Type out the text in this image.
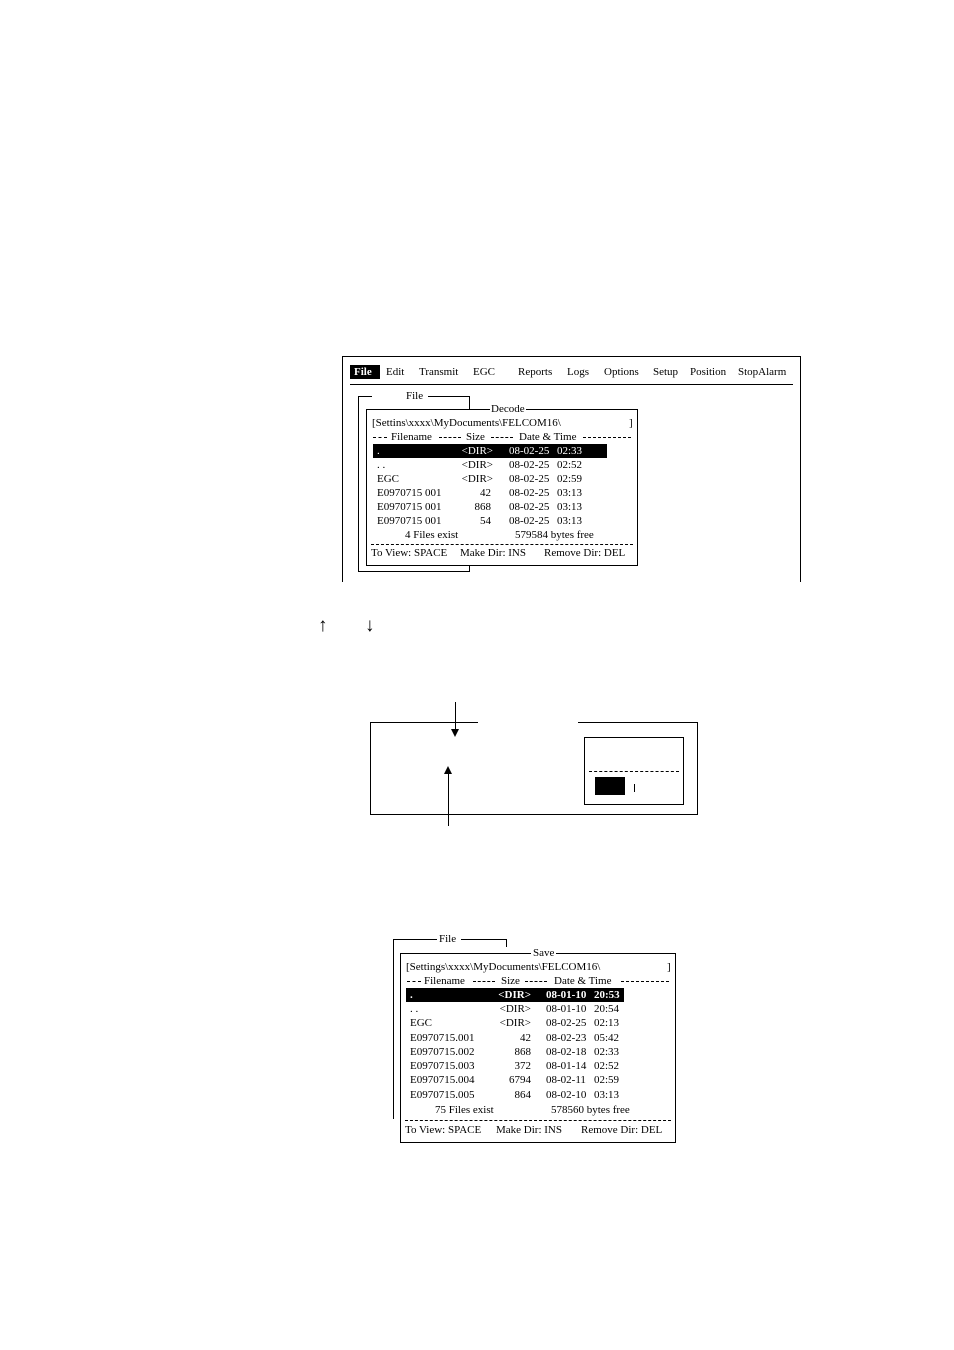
File Edit Transmit EGC Reports Logs Options Setup Position StopAlarm
File
Decode
[Settins\xxxx\MyDocuments\FELCOM16\	]
Filename	Size	Date & Time
.	<DIR> 08-02-25 02:33
. .	<DIR> 08-02-25 02:52
EGC	<DIR> 08-02-25 02:59
E0970715 001	42 08-02-25 03:13
E0970715 001	868 08-02-25 03:13
E0970715 001	54 08-02-25 03:13
4 Files exist	579584 bytes free
To View: SPACE Make Dir: INS Remove Dir: DEL
↑ ↓
File
Save
[Settings\xxxx\MyDocuments\FELCOM16\	]
Filename	Size	Date & Time
.	<DIR> 08-01-10 20:53
. .	<DIR> 08-01-10 20:54
EGC	<DIR> 08-02-25 02:13
E0970715.001	42 08-02-23 05:42
E0970715.002	868 08-02-18 02:33
E0970715.003	372 08-01-14 02:52
E0970715.004	6794 08-02-11 02:59
E0970715.005	864 08-02-10 03:13
75 Files exist	578560 bytes free
To View: SPACE Make Dir: INS Remove Dir: DEL
